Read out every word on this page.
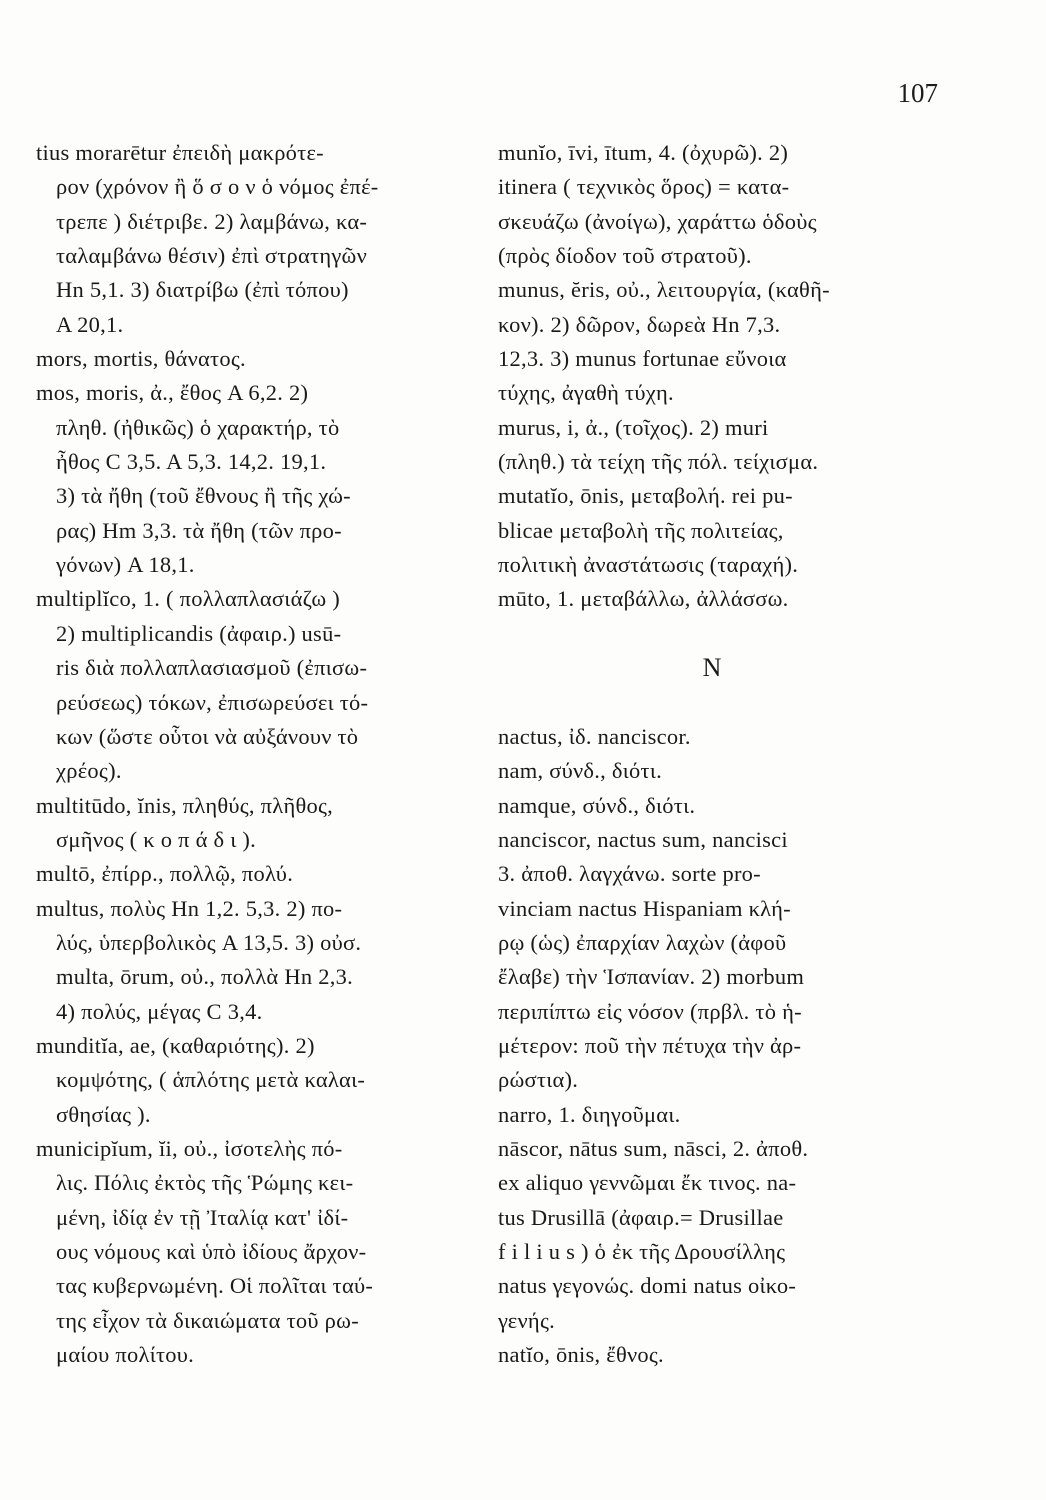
107
tius morarētur ἐπειδὴ μακρότε-
ρον (χρόνον ἢ ὅ σ ο ν ὁ νόμος ἐπέ-
τρεπε ) διέτριβε. 2) λαμβάνω, κα-
ταλαμβάνω θέσιν) ἐπὶ στρατηγῶν
Hn 5,1. 3) διατρίβω (ἐπὶ τόπου)
A 20,1.
mors, mortis, θάνατος.
mos, moris, ἀ., ἔθος A 6,2. 2)
πληθ. (ἠθικῶς) ὁ χαρακτήρ, τὸ
ἦθος C 3,5. A 5,3. 14,2. 19,1.
3) τὰ ἤθη (τοῦ ἔθνους ἢ τῆς χώ-
ρας) Hm 3,3. τὰ ἤθη (τῶν προ-
γόνων) A 18,1.
multiplĭco, 1. ( πολλαπλασιάζω )
2) multiplicandis (ἀφαιρ.) usū-
ris διὰ πολλαπλασιασμοῦ (ἐπισω-
ρεύσεως) τόκων, ἐπισωρεύσει τό-
κων (ὥστε οὗτοι νὰ αὐξάνουν τὸ
χρέος).
multitūdo, ĭnis, πληθύς, πλῆθος,
σμῆνος ( κ ο π ά δ ι ).
multō, ἐπίρρ., πολλῷ, πολύ.
multus, πολὺς Hn 1,2. 5,3. 2) πο-
λύς, ὑπερβολικὸς A 13,5. 3) οὐσ.
multa, ōrum, οὐ., πολλὰ Hn 2,3.
4) πολύς, μέγας C 3,4.
munditĭa, ae, (καθαριότης). 2)
κομψότης, ( ἁπλότης μετὰ καλαι-
σθησίας ).
municipĭum, ĭi, οὐ., ἰσοτελὴς πό-
λις. Πόλις ἐκτὸς τῆς Ῥώμης κει-
μένη, ἰδίᾳ ἐν τῇ Ἰταλίᾳ κατ' ἰδί-
ους νόμους καὶ ὑπὸ ἰδίους ἄρχον-
τας κυβερνωμένη. Οἱ πολῖται ταύ-
της εἶχον τὰ δικαιώματα τοῦ ρω-
μαίου πολίτου.
munĭo, īvi, ītum, 4. (ὀχυρῶ). 2)
itinera ( τεχνικὸς ὅρος) = κατα-
σκευάζω (ἀνοίγω), χαράττω ὁδοὺς
(πρὸς δίοδον τοῦ στρατοῦ).
munus, ĕris, οὐ., λειτουργία, (καθῆ-
κον). 2) δῶρον, δωρεὰ Hn 7,3.
12,3. 3) munus fortunae εὔνοια
τύχης, ἀγαθὴ τύχη.
murus, i, ἀ., (τοῖχος). 2) muri
(πληθ.) τὰ τείχη τῆς πόλ. τείχισμα.
mutatĭo, ōnis, μεταβολή. rei pu-
blicae μεταβολὴ τῆς πολιτείας,
πολιτικὴ ἀναστάτωσις (ταραχή).
mūto, 1. μεταβάλλω, ἀλλάσσω.
N
nactus, ἰδ. nanciscor.
nam, σύνδ., διότι.
namque, σύνδ., διότι.
nanciscor, nactus sum, nancisci
3. ἀποθ. λαγχάνω. sorte pro-
vinciam nactus Hispaniam κλή-
ρῳ (ὡς) ἐπαρχίαν λαχὼν (ἀφοῦ
ἔλαβε) τὴν Ἱσπανίαν. 2) morbum
περιπίπτω εἰς νόσον (πρβλ. τὸ ἡ-
μέτερον: ποῦ τὴν πέτυχα τὴν ἀρ-
ρώστια).
narro, 1. διηγοῦμαι.
nāscor, nātus sum, nāsci, 2. ἀποθ.
ex aliquo γεννῶμαι ἔκ τινος. na-
tus Drusillā (ἀφαιρ.= Drusillae
f i l i u s ) ὁ ἐκ τῆς Δρουσίλλης
natus γεγονώς. domi natus οἰκο-
γενής.
natĭo, ōnis, ἔθνος.
